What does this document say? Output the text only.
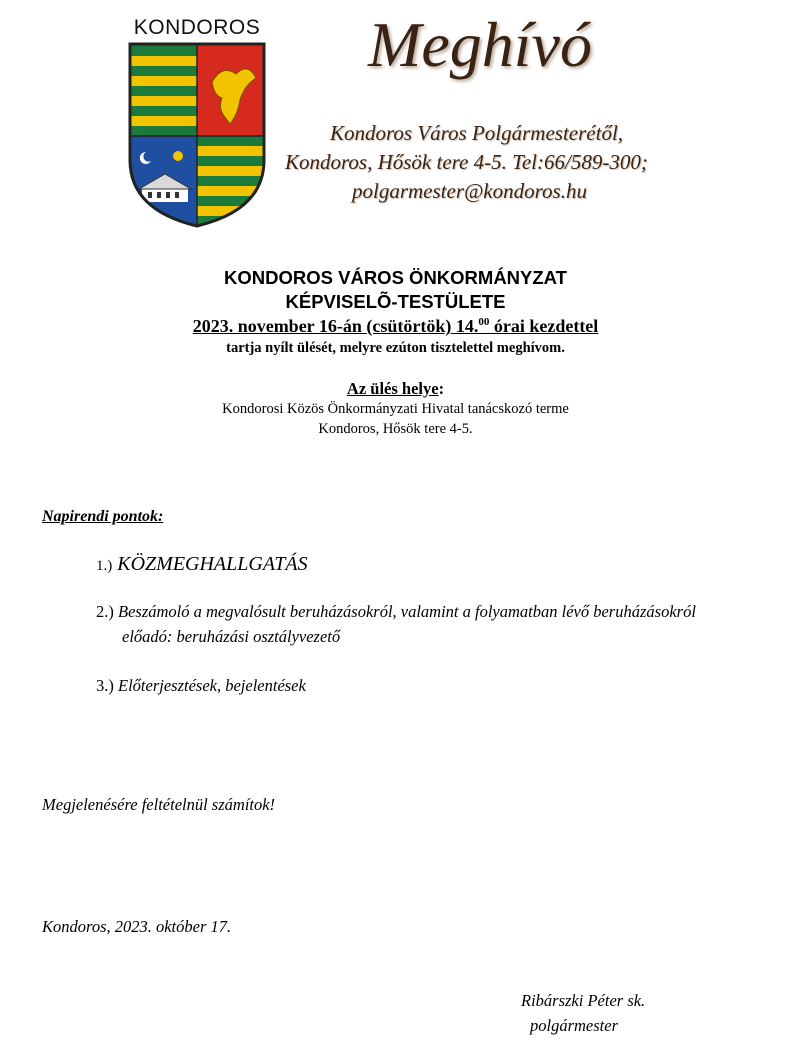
KONDOROS	Meghívó
Kondoros Város Polgármesterétől,
Kondoros, Hősök tere 4-5. Tel:66/589-300;
polgarmester@kondoros.hu
KONDOROS VÁROS ÖNKORMÁNYZAT
KÉPVISELÕ-TESTÜLETE
2023. november 16-án (csütörtök) 14.00 órai kezdettel
tartja nyílt ülését, melyre ezúton tisztelettel meghívom.
Az ülés helye:
Kondorosi Közös Önkormányzati Hivatal tanácskozó terme
Kondoros, Hősök tere 4-5.
Napirendi pontok:
1.) KÖZMEGHALLGATÁS
2.) Beszámoló a megvalósult beruházásokról, valamint a folyamatban lévő beruházásokról
előadó: beruházási osztályvezető
3.) Előterjesztések, bejelentések
Megjelenésére feltételnül számítok!
Kondoros, 2023. október 17.
Ribárszki Péter sk.
polgármester
